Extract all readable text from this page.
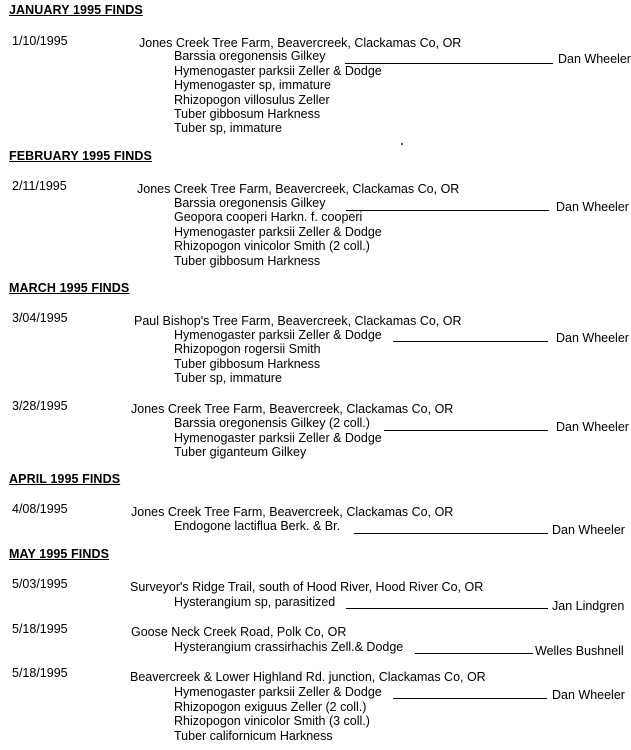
JANUARY 1995 FINDS
1/10/1995	Jones Creek Tree Farm, Beavercreek, Clackamas Co, OR
Barssia oregonensis Gilkey	Dan Wheeler
Hymenogaster parksii Zeller & Dodge
Hymenogaster sp, immature
Rhizopogon villosulus Zeller
Tuber gibbosum Harkness
Tuber sp, immature
FEBRUARY 1995 FINDS
2/11/1995	Jones Creek Tree Farm, Beavercreek, Clackamas Co, OR
Barssia oregonensis Gilkey	Dan Wheeler
Geopora cooperi Harkn. f. cooperi
Hymenogaster parksii Zeller & Dodge
Rhizopogon vinicolor Smith (2 coll.)
Tuber gibbosum Harkness
MARCH 1995 FINDS
3/04/1995	Paul Bishop's Tree Farm, Beavercreek, Clackamas Co, OR
Hymenogaster parksii Zeller & Dodge	Dan Wheeler
Rhizopogon rogersii Smith
Tuber gibbosum Harkness
Tuber sp, immature
3/28/1995	Jones Creek Tree Farm, Beavercreek, Clackamas Co, OR
Barssia oregonensis Gilkey (2 coll.)	Dan Wheeler
Hymenogaster parksii Zeller & Dodge
Tuber giganteum Gilkey
APRIL 1995 FINDS
4/08/1995	Jones Creek Tree Farm, Beavercreek, Clackamas Co, OR
Endogone lactiflua Berk. & Br.	Dan Wheeler
MAY 1995 FINDS
5/03/1995	Surveyor's Ridge Trail, south of Hood River, Hood River Co, OR
Hysterangium sp, parasitized	Jan Lindgren
5/18/1995	Goose Neck Creek Road, Polk Co, OR
Hysterangium crassirhachis Zell.& Dodge	Welles Bushnell
5/18/1995	Beavercreek & Lower Highland Rd. junction, Clackamas Co, OR
Hymenogaster parksii Zeller & Dodge	Dan Wheeler
Rhizopogon exiguus Zeller (2 coll.)
Rhizopogon vinicolor Smith (3 coll.)
Tuber californicum Harkness
